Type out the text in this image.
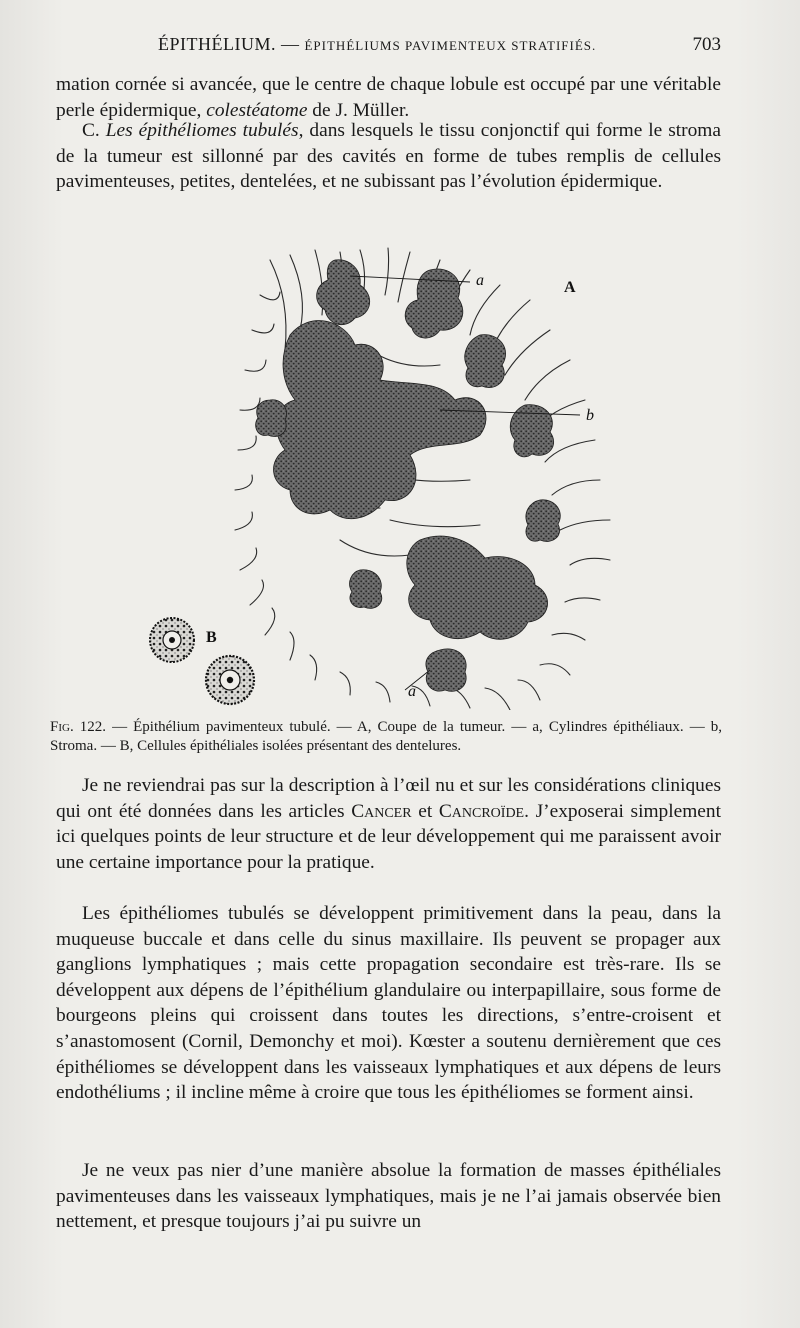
ÉPITHÉLIUM. — ÉPITHÉLIUMS PAVIMENTEUX STRATIFIÉS.	703

mation cornée si avancée, que le centre de chaque lobule est occupé par une véritable perle épidermique, colestéatome de J. Müller.

C. Les épithéliomes tubulés, dans lesquels le tissu conjonctif qui forme le stroma de la tumeur est sillonné par des cavités en forme de tubes remplis de cellules pavimenteuses, petites, dentelées, et ne subissant pas l’évolution épidermique.

a	A
b
B
a
Fig. 122. — Épithélium pavimenteux tubulé. — A, Coupe de la tumeur. — a, Cylindres épithéliaux. — b, Stroma. — B, Cellules épithéliales isolées présentant des dentelures.

Je ne reviendrai pas sur la description à l’œil nu et sur les considérations cliniques qui ont été données dans les articles Cancer et Cancroïde. J’exposerai simplement ici quelques points de leur structure et de leur développement qui me paraissent avoir une certaine importance pour la pratique.

Les épithéliomes tubulés se développent primitivement dans la peau, dans la muqueuse buccale et dans celle du sinus maxillaire. Ils peuvent se propager aux ganglions lymphatiques ; mais cette propagation secondaire est très-rare. Ils se développent aux dépens de l’épithélium glandulaire ou interpapillaire, sous forme de bourgeons pleins qui croissent dans toutes les directions, s’entre-croisent et s’anastomosent (Cornil, Demonchy et moi). Kœster a soutenu dernièrement que ces épithéliomes se développent dans les vaisseaux lymphatiques et aux dépens de leurs endothéliums ; il incline même à croire que tous les épithéliomes se forment ainsi.

Je ne veux pas nier d’une manière absolue la formation de masses épithéliales pavimenteuses dans les vaisseaux lymphatiques, mais je ne l’ai jamais observée bien nettement, et presque toujours j’ai pu suivre un
